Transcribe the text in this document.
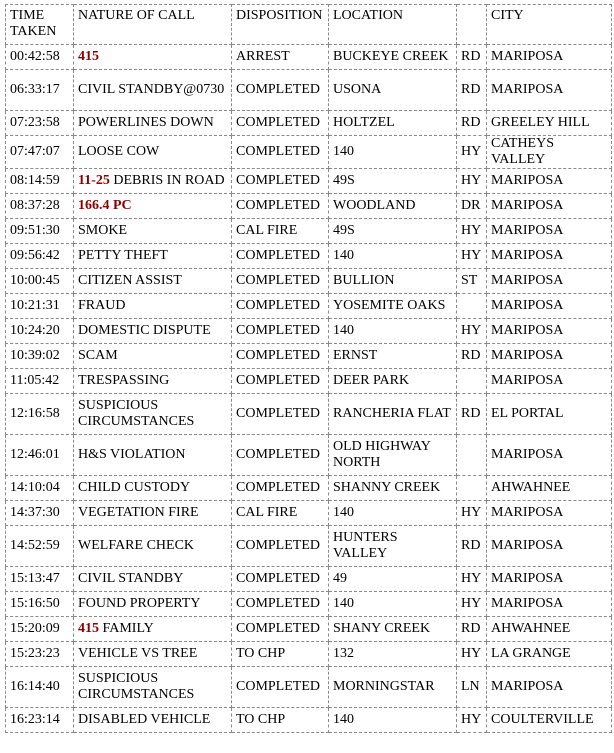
TIME TAKEN	NATURE OF CALL	DISPOSITION	LOCATION		CITY
00:42:58	415	ARREST	BUCKEYE CREEK	RD	MARIPOSA
06:33:17	CIVIL STANDBY@0730	COMPLETED	USONA	RD	MARIPOSA
07:23:58	POWERLINES DOWN	COMPLETED	HOLTZEL	RD	GREELEY HILL
07:47:07	LOOSE COW	COMPLETED	140	HY	CATHEYS VALLEY
08:14:59	11-25 DEBRIS IN ROAD	COMPLETED	49S	HY	MARIPOSA
08:37:28	166.4 PC	COMPLETED	WOODLAND	DR	MARIPOSA
09:51:30	SMOKE	CAL FIRE	49S	HY	MARIPOSA
09:56:42	PETTY THEFT	COMPLETED	140	HY	MARIPOSA
10:00:45	CITIZEN ASSIST	COMPLETED	BULLION	ST	MARIPOSA
10:21:31	FRAUD	COMPLETED	YOSEMITE OAKS		MARIPOSA
10:24:20	DOMESTIC DISPUTE	COMPLETED	140	HY	MARIPOSA
10:39:02	SCAM	COMPLETED	ERNST	RD	MARIPOSA
11:05:42	TRESPASSING	COMPLETED	DEER PARK		MARIPOSA
12:16:58	SUSPICIOUS CIRCUMSTANCES	COMPLETED	RANCHERIA FLAT	RD	EL PORTAL
12:46:01	H&S VIOLATION	COMPLETED	OLD HIGHWAY NORTH		MARIPOSA
14:10:04	CHILD CUSTODY	COMPLETED	SHANNY CREEK		AHWAHNEE
14:37:30	VEGETATION FIRE	CAL FIRE	140	HY	MARIPOSA
14:52:59	WELFARE CHECK	COMPLETED	HUNTERS VALLEY	RD	MARIPOSA
15:13:47	CIVIL STANDBY	COMPLETED	49	HY	MARIPOSA
15:16:50	FOUND PROPERTY	COMPLETED	140	HY	MARIPOSA
15:20:09	415 FAMILY	COMPLETED	SHANY CREEK	RD	AHWAHNEE
15:23:23	VEHICLE VS TREE	TO CHP	132	HY	LA GRANGE
16:14:40	SUSPICIOUS CIRCUMSTANCES	COMPLETED	MORNINGSTAR	LN	MARIPOSA
16:23:14	DISABLED VEHICLE	TO CHP	140	HY	COULTERVILLE
